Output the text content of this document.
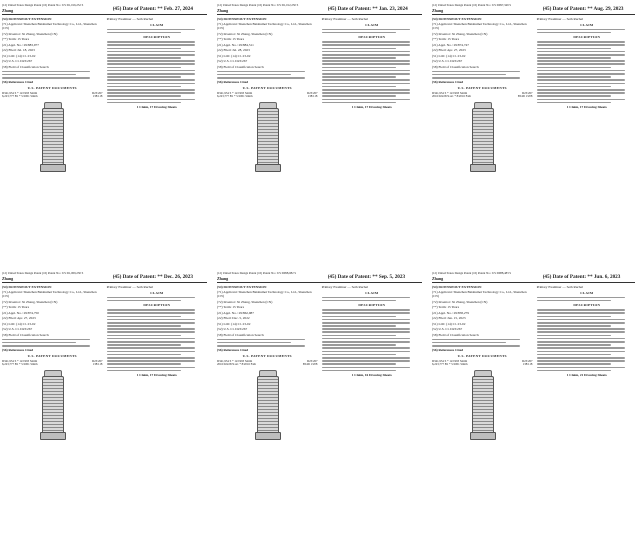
(12) United States Design Patent (10) Patent No.: US D1,016,252 S
Zhang	(45) Date of Patent: ** Feb. 27, 2024
(54) DOWNSPOUT EXTENSION
(71) Applicant: Shenzhen Baishumei Technology Co., Ltd., Shenzhen (CN)
(72) Inventor: Xi Zhang, Shenzhen (CN)
(**) Term: 15 Years
(21) Appl. No.: 29/883,977
(22) Filed: Jul. 18, 2023
(51) LOC (14) Cl. 23-02
(52) U.S. Cl. D23/267
(58) Field of Classification Search
(56) References Cited
U.S. PATENT DOCUMENTS
D341,954 S * 12/1993 Smith	D23/267
6,223,777 B1 * 5/2001 Smith	138/118
Primary Examiner — Seth Ruchel
CLAIM
DESCRIPTION
1 Claim, 17 Drawing Sheets
(12) United States Design Patent (10) Patent No.: US D1,012,250 S
Zhang	(45) Date of Patent: ** Jan. 23, 2024
(54) DOWNSPOUT EXTENSION
(71) Applicant: Shenzhen Baishumei Technology Co., Ltd., Shenzhen (CN)
(72) Inventor: Xi Zhang, Shenzhen (CN)
(**) Term: 15 Years
(21) Appl. No.: 29/884,511
(22) Filed: Jul. 28, 2023
(51) LOC (14) Cl. 23-02
(52) U.S. Cl. D23/267
(58) Field of Classification Search
(56) References Cited
U.S. PATENT DOCUMENTS
D341,954 S * 12/1993 Smith	D23/267
6,223,777 B1 * 5/2001 Smith	138/118
Primary Examiner — Seth Ruchel
CLAIM
DESCRIPTION
1 Claim, 17 Drawing Sheets
(12) United States Design Patent (10) Patent No.: US D997,349 S
Zhang	(45) Date of Patent: ** Aug. 29, 2023
(54) DOWNSPOUT EXTENSION
(71) Applicant: Shenzhen Baishumei Technology Co., Ltd., Shenzhen (CN)
(72) Inventor: Xi Zhang, Shenzhen (CN)
(**) Term: 15 Years
(21) Appl. No.: 29/874,747
(22) Filed: Apr. 27, 2023
(51) LOC (14) Cl. 23-02
(52) U.S. Cl. D23/267
(58) Field of Classification Search
(56) References Cited
U.S. PATENT DOCUMENTS
D341,954 S * 12/1993 Smith	D23/267
2016/0222674 A1 * 8/2016 Fath	E04D 13/08
Primary Examiner — Seth Ruchel
CLAIM
DESCRIPTION
1 Claim, 17 Drawing Sheets
(12) United States Design Patent (10) Patent No.: US D1,009,230 S
Zhang	(45) Date of Patent: ** Dec. 26, 2023
(54) DOWNSPOUT EXTENSION
(71) Applicant: Shenzhen Baishumei Technology Co., Ltd., Shenzhen (CN)
(72) Inventor: Xi Zhang, Shenzhen (CN)
(**) Term: 15 Years
(21) Appl. No.: 29/874,750
(22) Filed: Apr. 27, 2023
(51) LOC (14) Cl. 23-02
(52) U.S. Cl. D23/267
(58) Field of Classification Search
(56) References Cited
U.S. PATENT DOCUMENTS
D341,954 S * 12/1993 Smith	D23/267
6,223,777 B1 * 5/2001 Smith	138/118
Primary Examiner — Seth Ruchel
CLAIM
DESCRIPTION
1 Claim, 17 Drawing Sheets
(12) United States Design Patent (10) Patent No.: US D998,082 S
Zhang	(45) Date of Patent: ** Sep. 5, 2023
(54) DOWNSPOUT EXTENSION
(71) Applicant: Shenzhen Baishumei Technology Co., Ltd., Shenzhen (CN)
(72) Inventor: Xi Zhang, Shenzhen (CN)
(**) Term: 15 Years
(21) Appl. No.: 29/862,987
(22) Filed: Dec. 5, 2022
(51) LOC (14) Cl. 23-02
(52) U.S. Cl. D23/267
(58) Field of Classification Search
(56) References Cited
U.S. PATENT DOCUMENTS
D341,954 S * 12/1993 Smith	D23/267
2016/0222674 A1 * 8/2016 Fath	E04D 13/08
Primary Examiner — Seth Ruchel
CLAIM
DESCRIPTION
1 Claim, 16 Drawing Sheets
(12) United States Design Patent (10) Patent No.: US D988,483 S
Zhang	(45) Date of Patent: ** Jun. 6, 2023
(54) DOWNSPOUT EXTENSION
(71) Applicant: Shenzhen Baishumei Technology Co., Ltd., Shenzhen (CN)
(72) Inventor: Xi Zhang, Shenzhen (CN)
(**) Term: 15 Years
(21) Appl. No.: 29/858,279
(22) Filed: Jun. 15, 2023
(51) LOC (14) Cl. 23-02
(52) U.S. Cl. D23/267
(58) Field of Classification Search
(56) References Cited
U.S. PATENT DOCUMENTS
D341,954 S * 12/1993 Smith	D23/267
6,223,777 B1 * 5/2001 Smith	138/118
Primary Examiner — Seth Ruchel
CLAIM
DESCRIPTION
1 Claim, 21 Drawing Sheets
